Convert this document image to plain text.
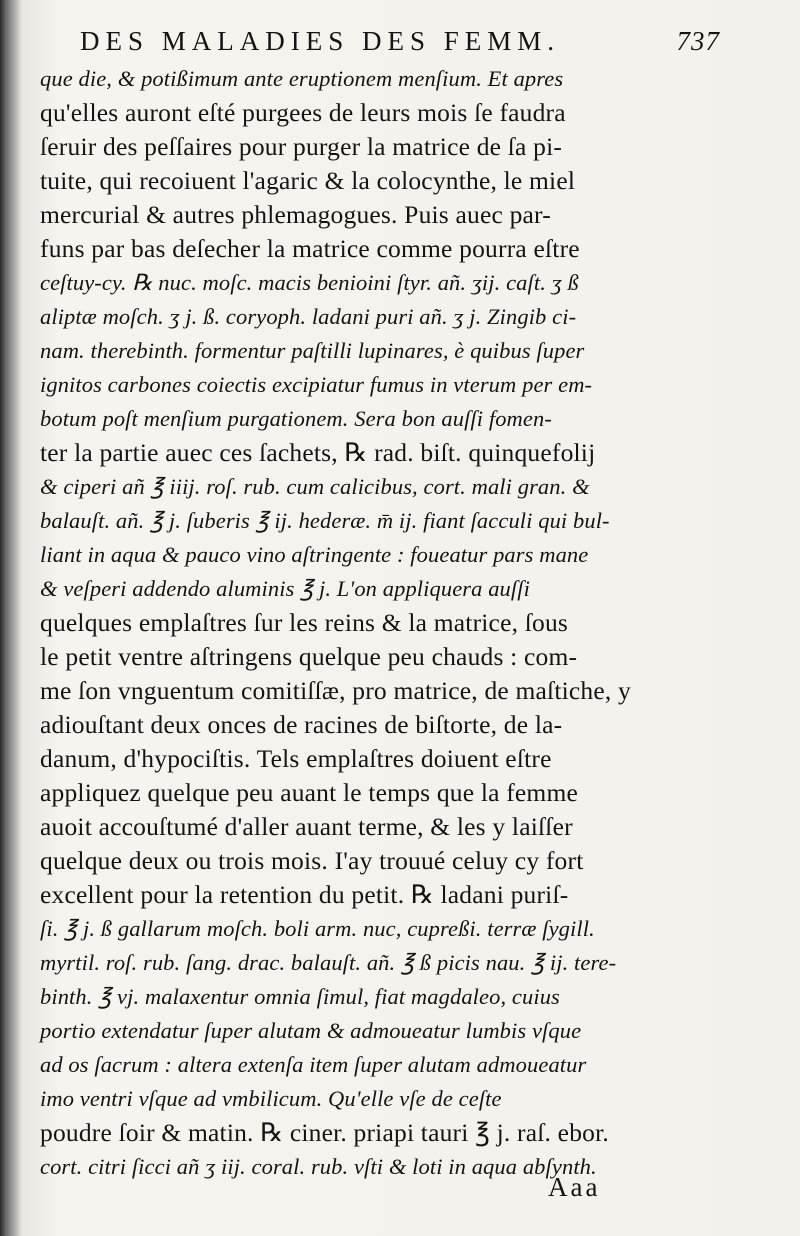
DES MALADIES DES FEMM.	737
que die, & potißimum ante eruptionem menſium. Et apres
qu'elles auront eſté purgees de leurs mois ſe faudra
ſeruir des peſſaires pour purger la matrice de ſa pi-
tuite, qui recoiuent l'agaric & la colocynthe, le miel
mercurial & autres phlemagogues. Puis auec par-
funs par bas deſecher la matrice comme pourra eſtre
ceſtuy-cy. ℞ nuc. moſc. macis benioini ſtyr. añ. ʒij. caſt. ʒ ß
aliptæ moſch. ʒ j. ß. coryoph. ladani puri añ. ʒ j. Zingib ci-
nam. therebinth. formentur paſtilli lupinares, è quibus ſuper
ignitos carbones coiectis excipiatur fumus in vterum per em-
botum poſt menſium purgationem. Sera bon auſſi fomen-
ter la partie auec ces ſachets, ℞ rad. biſt. quinquefolij
& ciperi añ ℥ iiij. roſ. rub. cum calicibus, cort. mali gran. &
balauſt. añ. ℥ j. ſuberis ℥ ij. hederæ. m̄ ij. fiant ſacculi qui bul-
liant in aqua & pauco vino aſtringente : foueatur pars mane
& veſperi addendo aluminis ℥ j. L'on appliquera auſſi
quelques emplaſtres ſur les reins & la matrice, ſous
le petit ventre aſtringens quelque peu chauds : com-
me ſon vnguentum comitiſſæ, pro matrice, de maſtiche, y
adiouſtant deux onces de racines de biſtorte, de la-
danum, d'hypociſtis. Tels emplaſtres doiuent eſtre
appliquez quelque peu auant le temps que la femme
auoit accouſtumé d'aller auant terme, & les y laiſſer
quelque deux ou trois mois. I'ay trouué celuy cy fort
excellent pour la retention du petit. ℞ ladani puriſ-
ſi. ℥ j. ß gallarum moſch. boli arm. nuc, cupreßi. terræ ſygill.
myrtil. roſ. rub. ſang. drac. balauſt. añ. ℥ ß picis nau. ℥ ij. tere-
binth. ℥ vj. malaxentur omnia ſimul, fiat magdaleo, cuius
portio extendatur ſuper alutam & admoueatur lumbis vſque
ad os ſacrum : altera extenſa item ſuper alutam admoueatur
imo ventri vſque ad vmbilicum. Qu'elle vſe de ceſte
poudre ſoir & matin. ℞ ciner. priapi tauri ℥ j. raſ. ebor.
cort. citri ſicci añ ʒ iij. coral. rub. vſti & loti in aqua abſynth.
Aaa
